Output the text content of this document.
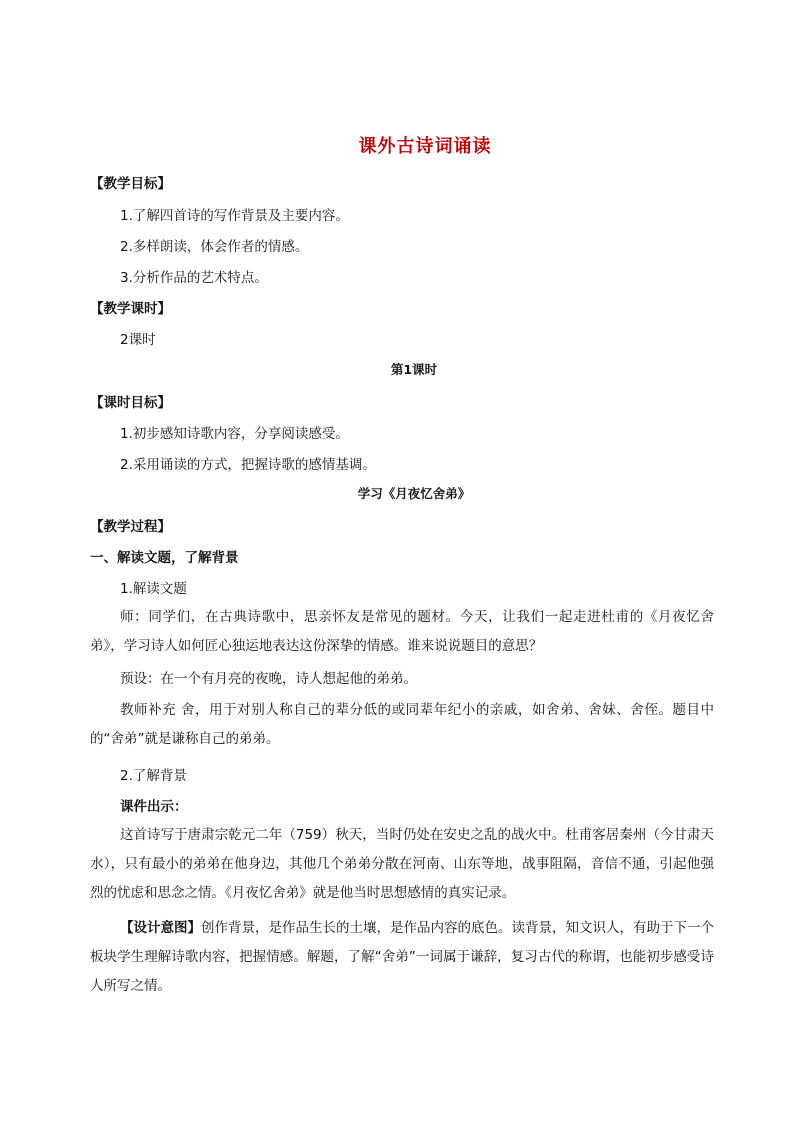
课外古诗词诵读
【教学目标】
1.了解四首诗的写作背景及主要内容。
2.多样朗读，体会作者的情感。
3.分析作品的艺术特点。
【教学课时】
2课时
第1课时
【课时目标】
1.初步感知诗歌内容，分享阅读感受。
2.采用诵读的方式，把握诗歌的感情基调。
学习《月夜忆舍弟》
【教学过程】
一、解读文题，了解背景
1.解读文题
师：同学们，在古典诗歌中，思亲怀友是常见的题材。今天，让我们一起走进杜甫的《月夜忆舍弟》，学习诗人如何匠心独运地表达这份深挚的情感。谁来说说题目的意思？
预设：在一个有月亮的夜晚，诗人想起他的弟弟。
教师补充 舍，用于对别人称自己的辈分低的或同辈年纪小的亲戚，如舍弟、舍妹、舍侄。题目中的“舍弟”就是谦称自己的弟弟。
2.了解背景
课件出示：
这首诗写于唐肃宗乾元二年（759）秋天，当时仍处在安史之乱的战火中。杜甫客居秦州（今甘肃天水），只有最小的弟弟在他身边，其他几个弟弟分散在河南、山东等地，战事阻隔，音信不通，引起他强烈的忧虑和思念之情。《月夜忆舍弟》就是他当时思想感情的真实记录。
【设计意图】创作背景，是作品生长的土壤，是作品内容的底色。读背景，知文识人，有助于下一个板块学生理解诗歌内容，把握情感。解题，了解“舍弟”一词属于谦辞，复习古代的称谓，也能初步感受诗人所写之情。
